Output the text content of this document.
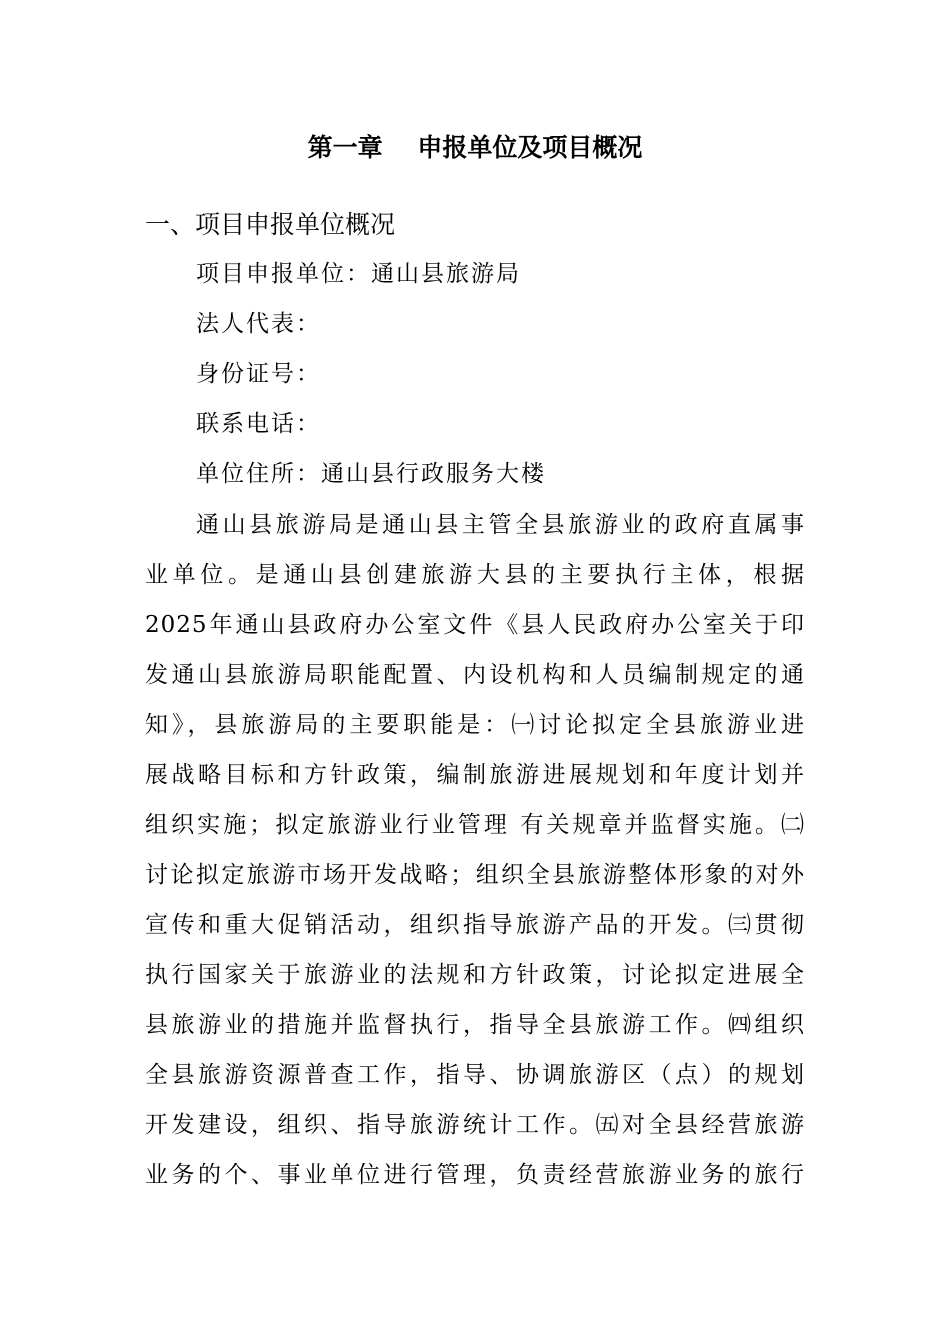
第一章    申报单位及项目概况
一、项目申报单位概况
项目申报单位：通山县旅游局
法人代表：
身份证号：
联系电话：
单位住所：通山县行政服务大楼
通山县旅游局是通山县主管全县旅游业的政府直属事
业单位。是通山县创建旅游大县的主要执行主体，根据
2025年通山县政府办公室文件《县人民政府办公室关于印
发通山县旅游局职能配置、内设机构和人员编制规定的通
知》，县旅游局的主要职能是：㈠讨论拟定全县旅游业进
展战略目标和方针政策，编制旅游进展规划和年度计划并
组织实施；拟定旅游业行业管理 有关规章并监督实施。㈡
讨论拟定旅游市场开发战略；组织全县旅游整体形象的对外
宣传和重大促销活动，组织指导旅游产品的开发。㈢贯彻
执行国家关于旅游业的法规和方针政策，讨论拟定进展全
县旅游业的措施并监督执行，指导全县旅游工作。㈣组织
全县旅游资源普查工作，指导、协调旅游区（点）的规划
开发建设，组织、指导旅游统计工作。㈤对全县经营旅游
业务的个、事业单位进行管理，负责经营旅游业务的旅行
